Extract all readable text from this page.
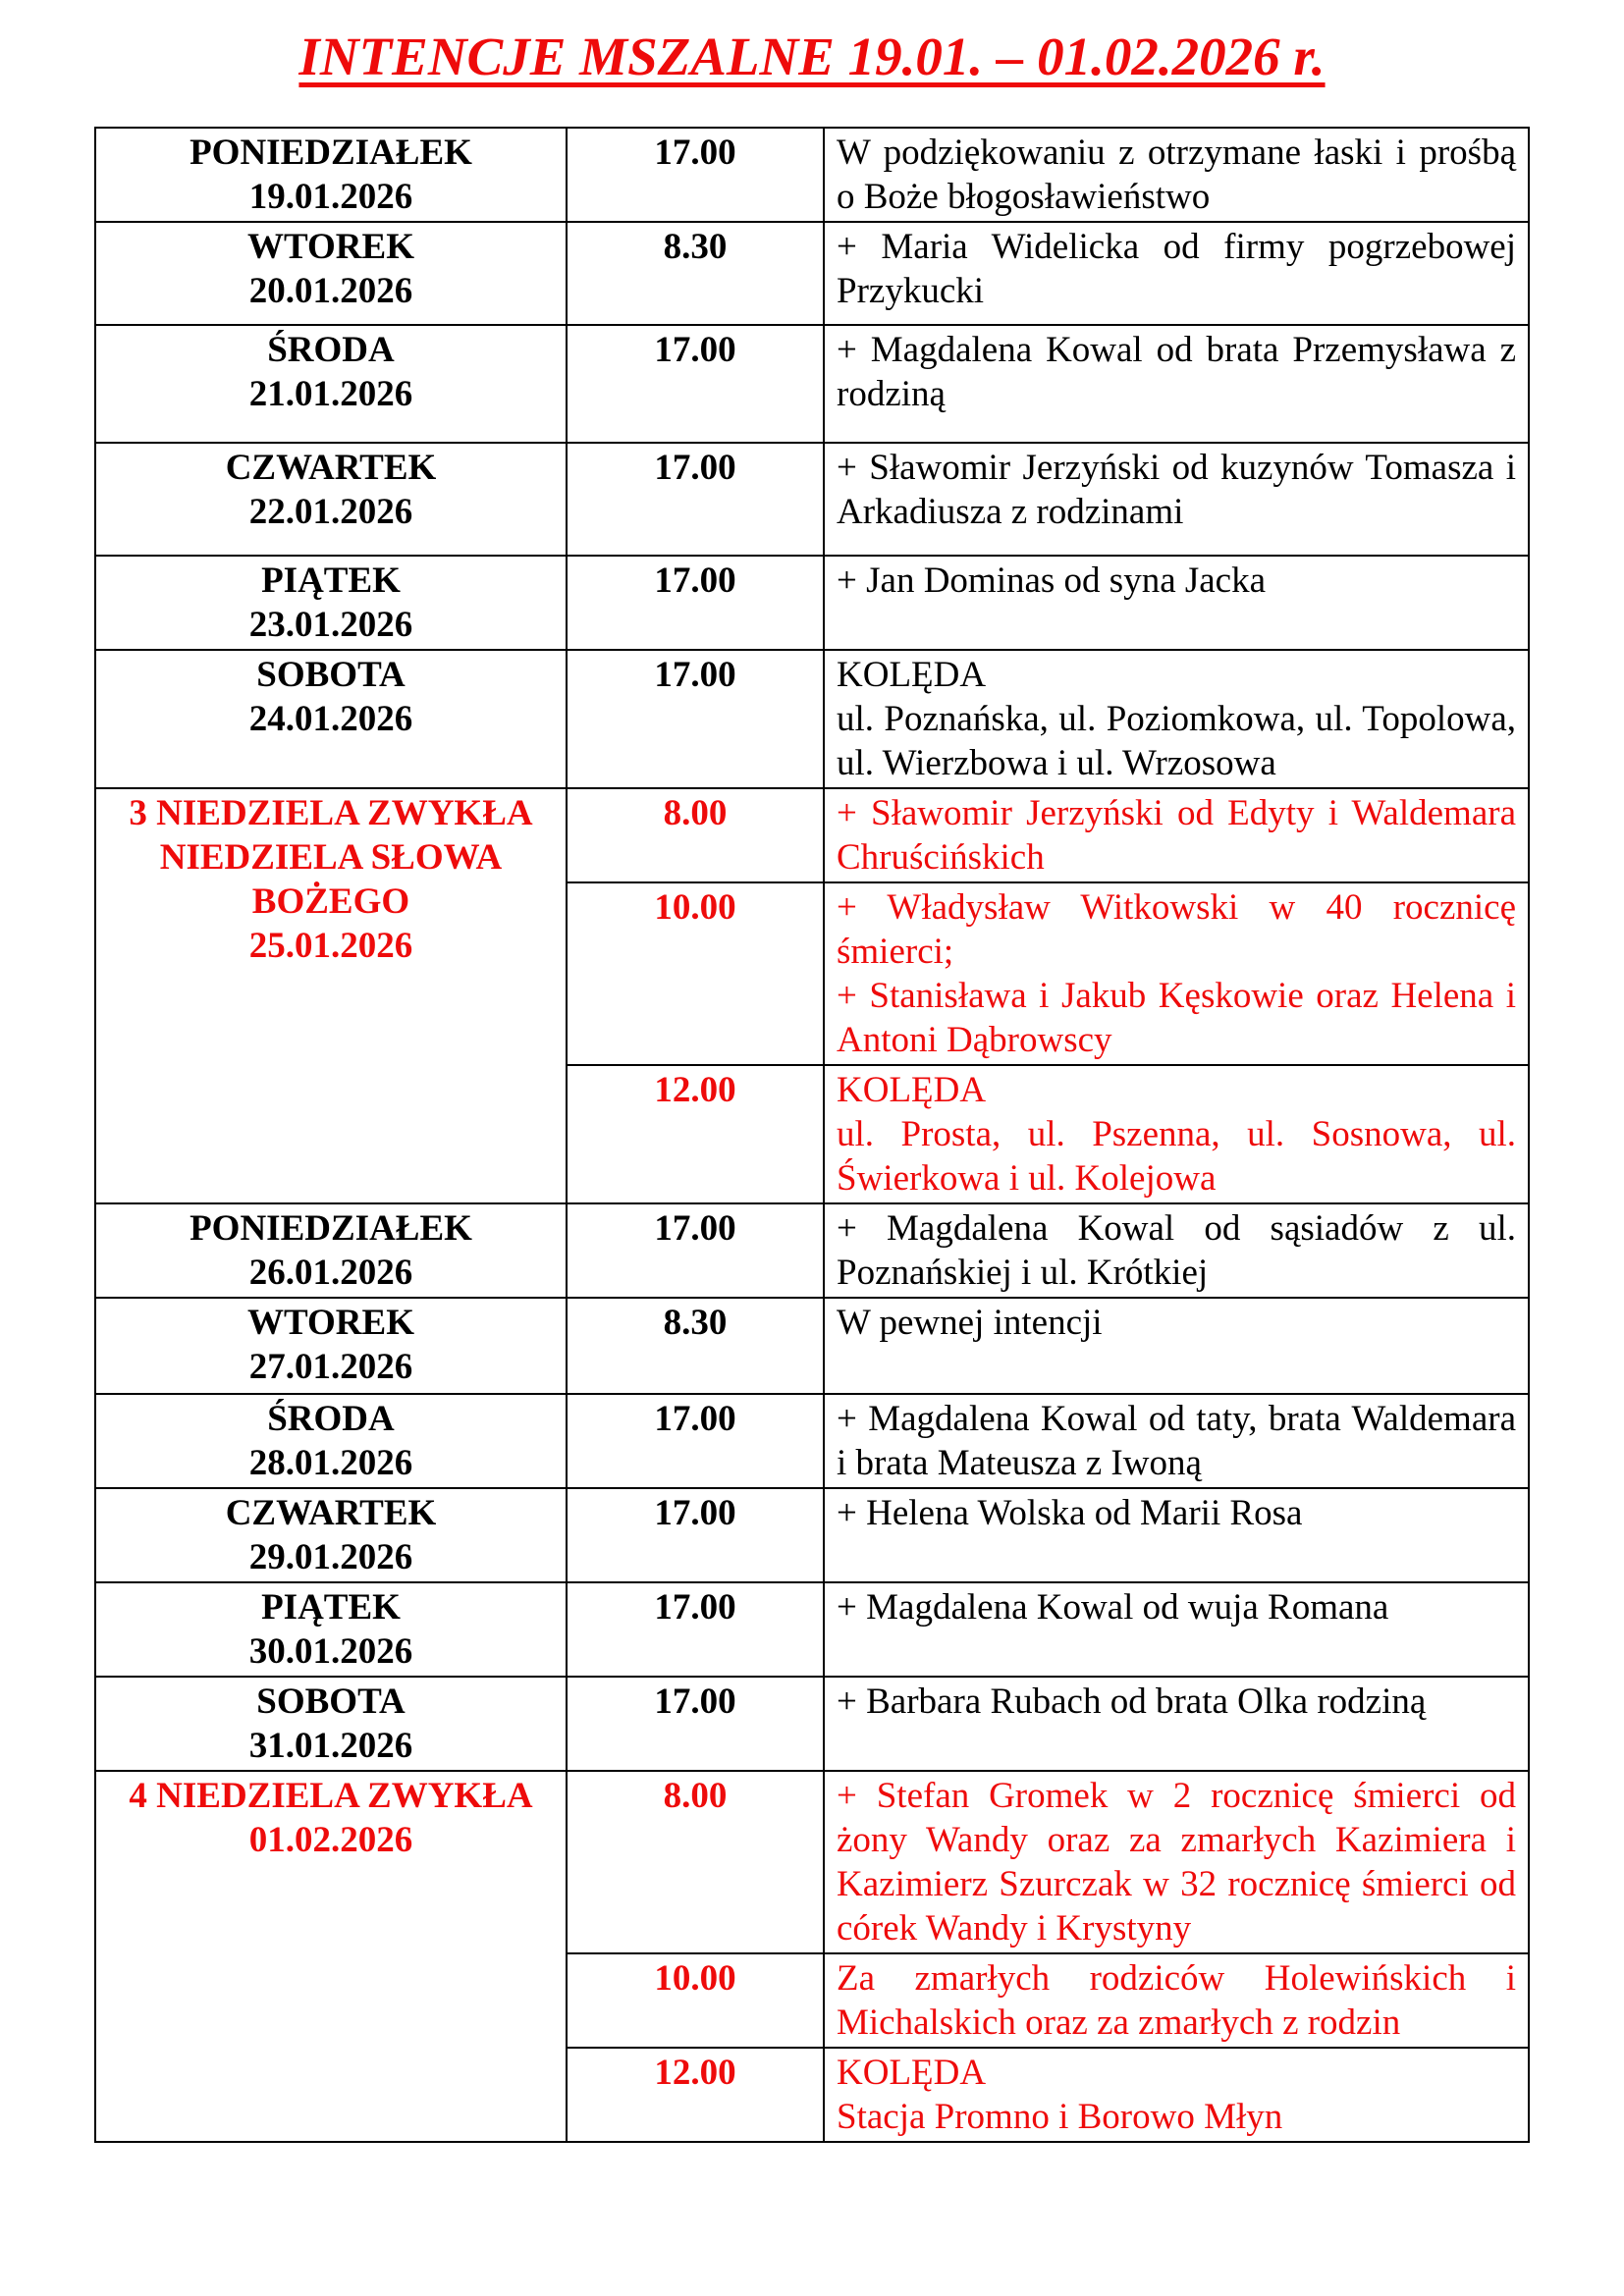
INTENCJE MSZALNE 19.01. – 01.02.2026 r.
PONIEDZIAŁEK
19.01.2026	17.00	W podziękowaniu z otrzymane łaski i prośbą o Boże błogosławieństwo

WTOREK
20.01.2026	8.30	+ Maria Widelicka od firmy pogrzebowej Przykucki

ŚRODA
21.01.2026	17.00	+ Magdalena Kowal od brata Przemysława z rodziną

CZWARTEK
22.01.2026	17.00	+ Sławomir Jerzyński od kuzynów Tomasza i Arkadiusza z rodzinami

PIĄTEK
23.01.2026	17.00	+ Jan Dominas od syna Jacka

SOBOTA
24.01.2026
	17.00	KOLĘDA
ul. Poznańska, ul. Poziomkowa, ul. Topolowa, ul. Wierzbowa i ul. Wrzosowa

3 NIEDZIELA ZWYKŁA
NIEDZIELA SŁOWA BOŻEGO
25.01.2026	8.00	+ Sławomir Jerzyński od Edyty i Waldemara Chruścińskich

	10.00	+ Władysław Witkowski w 40 rocznicę śmierci;
+ Stanisława i Jakub Kęskowie oraz Helena i Antoni Dąbrowscy

	12.00	KOLĘDA
ul. Prosta, ul. Pszenna, ul. Sosnowa, ul. Świerkowa i ul. Kolejowa

PONIEDZIAŁEK
26.01.2026	17.00	+ Magdalena Kowal od sąsiadów z ul. Poznańskiej i ul. Krótkiej

WTOREK
27.01.2026	8.30	W pewnej intencji

ŚRODA
28.01.2026	17.00	+ Magdalena Kowal od taty, brata Waldemara i brata Mateusza z Iwoną

CZWARTEK
29.01.2026	17.00	+ Helena Wolska od Marii Rosa

PIĄTEK
30.01.2026	17.00	+ Magdalena Kowal od wuja Romana

SOBOTA
31.01.2026	17.00	+ Barbara Rubach od brata Olka rodziną

4 NIEDZIELA ZWYKŁA
01.02.2026	8.00	+ Stefan Gromek w 2 rocznicę śmierci od żony Wandy oraz za zmarłych Kazimiera i Kazimierz Szurczak w 32 rocznicę śmierci od córek Wandy i Krystyny

	10.00	Za zmarłych rodziców Holewińskich i Michalskich oraz za zmarłych z rodzin

	12.00	KOLĘDA
Stacja Promno i Borowo Młyn
